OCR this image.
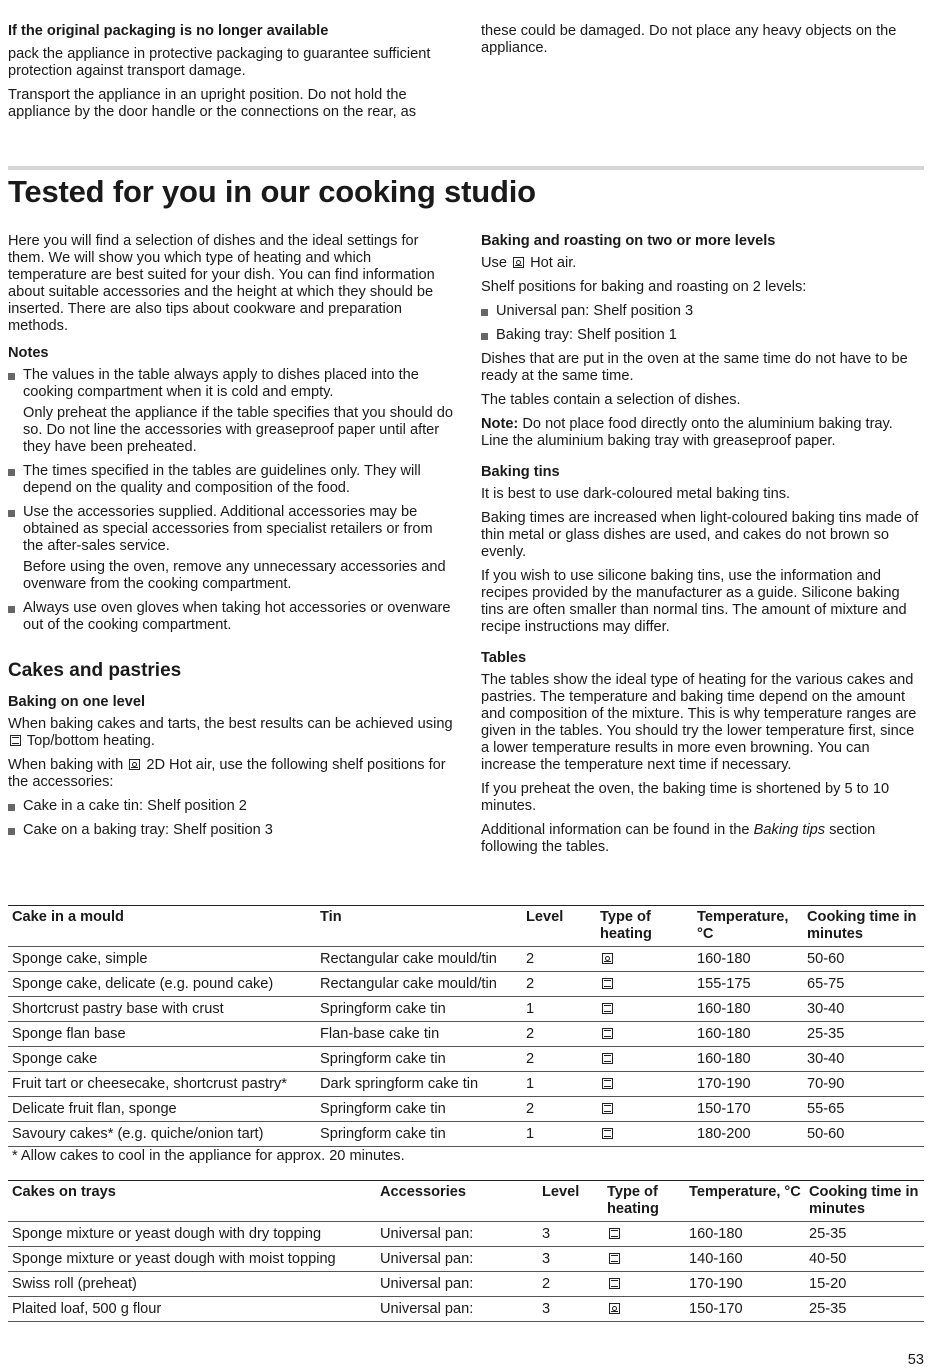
If the original packaging is no longer available

pack the appliance in protective packaging to guarantee sufficient protection against transport damage.

Transport the appliance in an upright position. Do not hold the appliance by the door handle or the connections on the rear, as

these could be damaged. Do not place any heavy objects on the appliance.

Tested for you in our cooking studio

Here you will find a selection of dishes and the ideal settings for them. We will show you which type of heating and which temperature are best suited for your dish. You can find information about suitable accessories and the height at which they should be inserted. There are also tips about cookware and preparation methods.

Notes

The values in the table always apply to dishes placed into the cooking compartment when it is cold and empty.

Only preheat the appliance if the table specifies that you should do so. Do not line the accessories with greaseproof paper until after they have been preheated.

The times specified in the tables are guidelines only. They will depend on the quality and composition of the food.
Use the accessories supplied. Additional accessories may be obtained as special accessories from specialist retailers or from the after-sales service.

Before using the oven, remove any unnecessary accessories and ovenware from the cooking compartment.

Always use oven gloves when taking hot accessories or ovenware out of the cooking compartment.

Cakes and pastries

Baking on one level

When baking cakes and tarts, the best results can be achieved using  Top/bottom heating.

When baking with 2D Hot air, use the following shelf positions for the accessories:

Cake in a cake tin: Shelf position 2
Cake on a baking tray: Shelf position 3

Baking and roasting on two or more levels

Use Hot air.

Shelf positions for baking and roasting on 2 levels:

Universal pan: Shelf position 3
Baking tray: Shelf position 1

Dishes that are put in the oven at the same time do not have to be ready at the same time.

The tables contain a selection of dishes.

Note: Do not place food directly onto the aluminium baking tray. Line the aluminium baking tray with greaseproof paper.

Baking tins

It is best to use dark-coloured metal baking tins.

Baking times are increased when light-coloured baking tins made of thin metal or glass dishes are used, and cakes do not brown so evenly.

If you wish to use silicone baking tins, use the information and recipes provided by the manufacturer as a guide. Silicone baking tins are often smaller than normal tins. The amount of mixture and recipe instructions may differ.

Tables

The tables show the ideal type of heating for the various cakes and pastries. The temperature and baking time depend on the amount and composition of the mixture. This is why temperature ranges are given in the tables. You should try the lower temperature first, since a lower temperature results in more even browning. You can increase the temperature next time if necessary.

If you preheat the oven, the baking time is shortened by 5 to 10 minutes.

Additional information can be found in the Baking tips section following the tables.

Cake in a mould	Tin	Level	Type of heating	Temperature, °C	Cooking time in minutes
Sponge cake, simple	Rectangular cake mould/tin	2		160-180	50-60
Sponge cake, delicate (e.g. pound cake)	Rectangular cake mould/tin	2		155-175	65-75
Shortcrust pastry base with crust	Springform cake tin	1		160-180	30-40
Sponge flan base	Flan-base cake tin	2		160-180	25-35
Sponge cake	Springform cake tin	2		160-180	30-40
Fruit tart or cheesecake, shortcrust pastry*	Dark springform cake tin	1		170-190	70-90
Delicate fruit flan, sponge	Springform cake tin	2		150-170	55-65
Savoury cakes* (e.g. quiche/onion tart)	Springform cake tin	1		180-200	50-60
* Allow cakes to cool in the appliance for approx. 20 minutes.
Cakes on trays	Accessories	Level	Type of heating	Temperature, °C	Cooking time in minutes
Sponge mixture or yeast dough with dry topping	Universal pan:	3		160-180	25-35
Sponge mixture or yeast dough with moist topping	Universal pan:	3		140-160	40-50
Swiss roll (preheat)	Universal pan:	2		170-190	15-20
Plaited loaf, 500 g flour	Universal pan:	3		150-170	25-35
53
